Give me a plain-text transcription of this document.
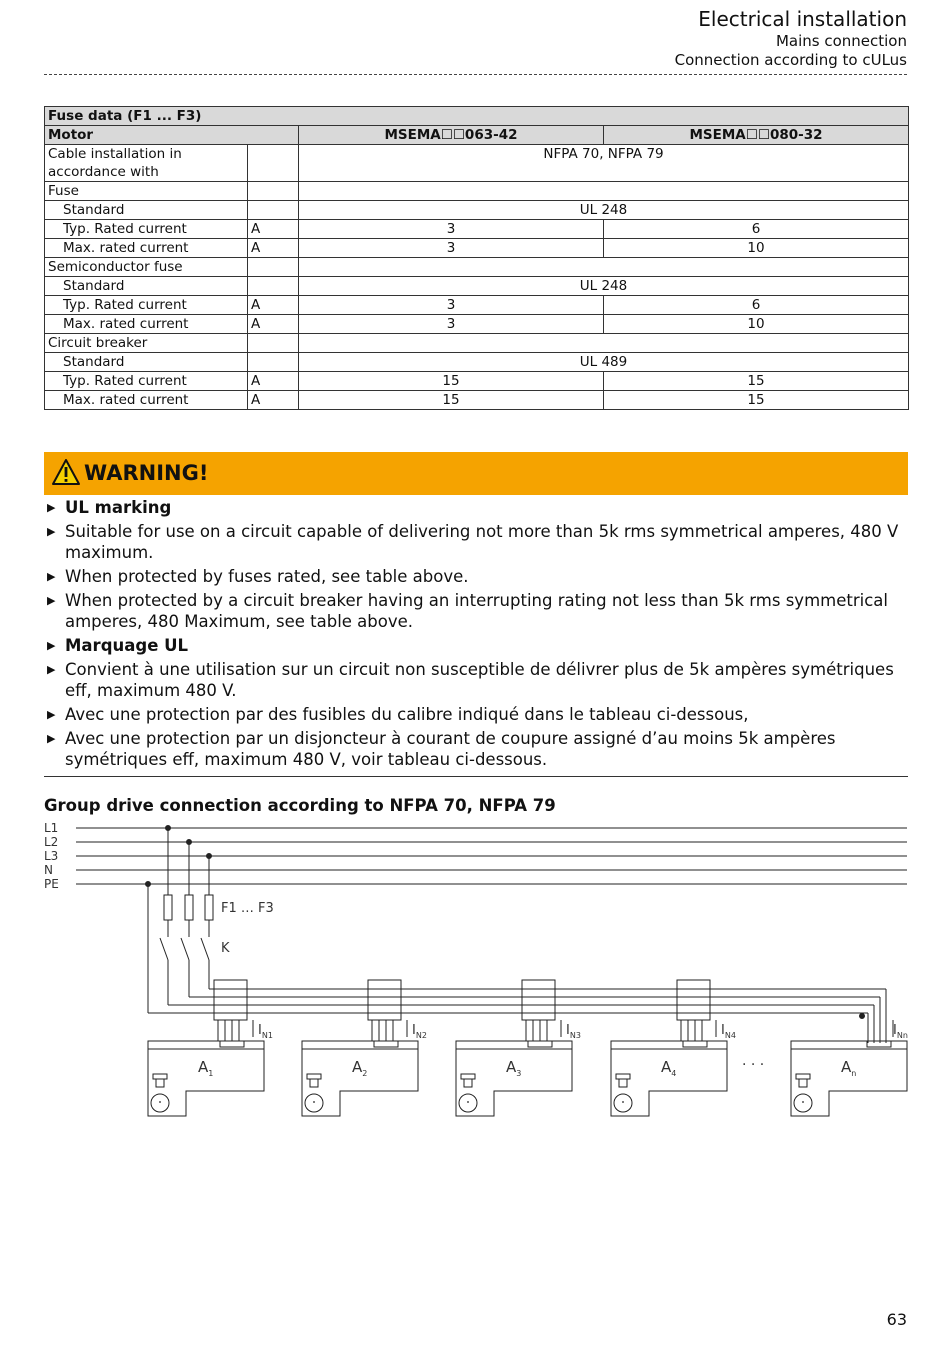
Electrical installation
Mains connection
Connection according to cULus
Fuse data (F1 ... F3)			
Motor		MSEMA☐☐063-42	MSEMA☐☐080-32
Cable installation in accordance with		NFPA 70, NFPA 79	
Fuse			
Standard		UL 248	
Typ. Rated current	A	3	6
Max. rated current	A	3	10
Semiconductor fuse			
Standard		UL 248	
Typ. Rated current	A	3	6
Max. rated current	A	3	10
Circuit breaker			
Standard		UL 489	
Typ. Rated current	A	15	15
Max. rated current	A	15	15
WARNING!
▶ UL marking
▶ Suitable for use on a circuit capable of delivering not more than 5k rms symmetrical amperes, 480 V maximum.
▶ When protected by fuses rated, see table above.
▶ When protected by a circuit breaker having an interrupting rating not less than 5k rms symmetrical amperes, 480 Maximum, see table above.
▶ Marquage UL
▶ Convient à une utilisation sur un circuit non susceptible de délivrer plus de 5k ampères symétriques eff, maximum 480 V.
▶ Avec une protection par des fusibles du calibre indiqué dans le tableau ci-dessous,
▶ Avec une protection par un disjoncteur à courant de coupure assigné d’au moins 5k ampères symétriques eff, maximum 480 V, voir tableau ci-dessous.
Group drive connection according to NFPA 70, NFPA 79
L1
L2
L3
N
PE
F1 … F3
K
$I_{N1}$
$A_1$
$I_{N2}$
$A_2$
$I_{N3}$
$A_3$
$I_{N4}$
$A_4$
$I_{Nn}$
$A_n$
· · ·
63
